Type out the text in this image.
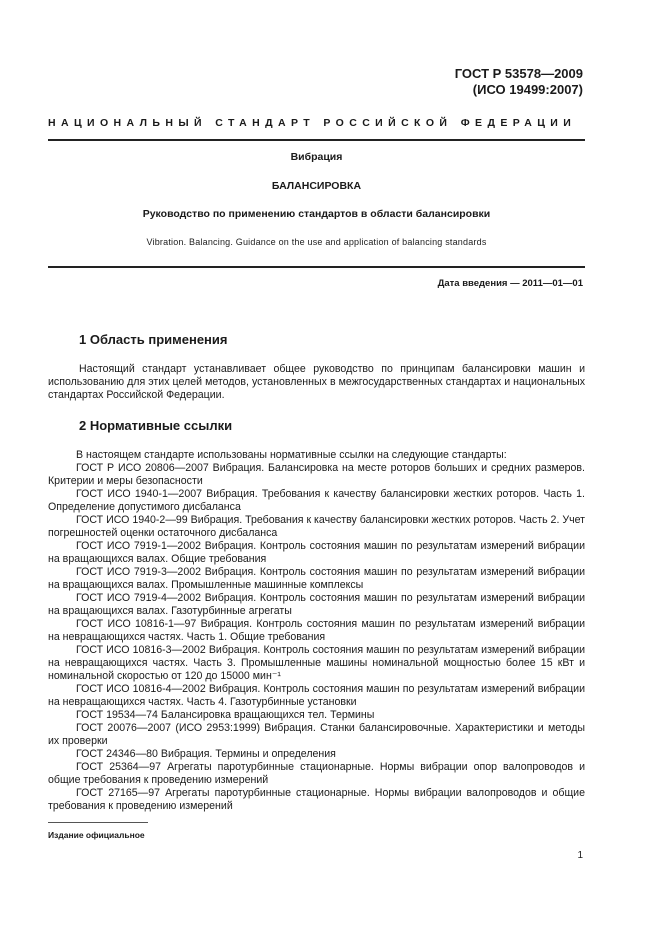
ГОСТ Р 53578—2009
(ИСО 19499:2007)
НАЦИОНАЛЬНЫЙ СТАНДАРТ РОССИЙСКОЙ ФЕДЕРАЦИИ
Вибрация
БАЛАНСИРОВКА
Руководство по применению стандартов в области балансировки
Vibration. Balancing. Guidance on the use and application of balancing standards
Дата введения — 2011—01—01
1 Область применения
Настоящий стандарт устанавливает общее руководство по принципам балансировки машин и использованию для этих целей методов, установленных в межгосударственных стандартах и национальных стандартах Российской Федерации.
2 Нормативные ссылки

В настоящем стандарте использованы нормативные ссылки на следующие стандарты:

ГОСТ Р ИСО 20806—2007 Вибрация. Балансировка на месте роторов больших и средних размеров. Критерии и меры безопасности

ГОСТ ИСО 1940-1—2007 Вибрация. Требования к качеству балансировки жестких роторов. Часть 1. Определение допустимого дисбаланса

ГОСТ ИСО 1940-2—99 Вибрация. Требования к качеству балансировки жестких роторов. Часть 2. Учет погрешностей оценки остаточного дисбаланса

ГОСТ ИСО 7919-1—2002 Вибрация. Контроль состояния машин по результатам измерений вибрации на вращающихся валах. Общие требования

ГОСТ ИСО 7919-3—2002 Вибрация. Контроль состояния машин по результатам измерений вибрации на вращающихся валах. Промышленные машинные комплексы

ГОСТ ИСО 7919-4—2002 Вибрация. Контроль состояния машин по результатам измерений вибрации на вращающихся валах. Газотурбинные агрегаты

ГОСТ ИСО 10816-1—97 Вибрация. Контроль состояния машин по результатам измерений вибрации на невращающихся частях. Часть 1. Общие требования

ГОСТ ИСО 10816-3—2002 Вибрация. Контроль состояния машин по результатам измерений вибрации на невращающихся частях. Часть 3. Промышленные машины номинальной мощностью более 15 кВт и номинальной скоростью от 120 до 15000 мин⁻¹

ГОСТ ИСО 10816-4—2002 Вибрация. Контроль состояния машин по результатам измерений вибрации на невращающихся частях. Часть 4. Газотурбинные установки

ГОСТ 19534—74 Балансировка вращающихся тел. Термины

ГОСТ 20076—2007 (ИСО 2953:1999) Вибрация. Станки балансировочные. Характеристики и методы их проверки

ГОСТ 24346—80 Вибрация. Термины и определения

ГОСТ 25364—97 Агрегаты паротурбинные стационарные. Нормы вибрации опор валопроводов и общие требования к проведению измерений

ГОСТ 27165—97 Агрегаты паротурбинные стационарные. Нормы вибрации валопроводов и общие требования к проведению измерений

Издание официальное
1
